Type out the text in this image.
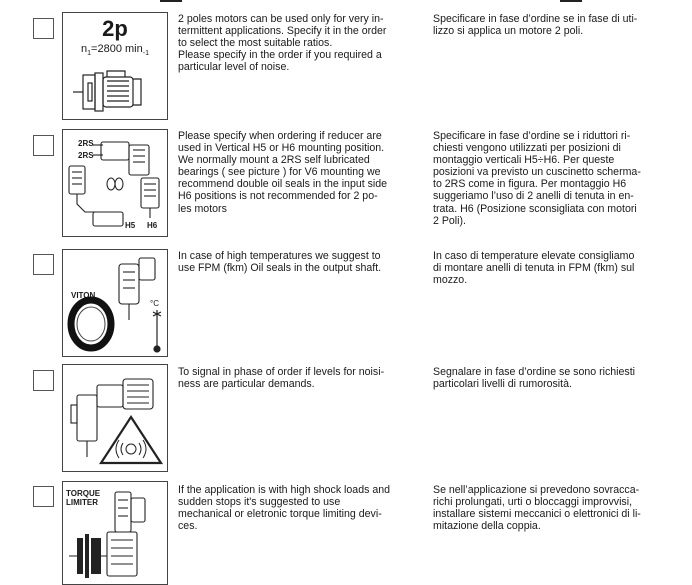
2p
$n_1=2800$ $\min_{-1}$
2 poles motors can be used only for very in-
termittent applications. Specify it in the order
to select the most suitable ratios.
Please specify in the order if you required a
particular level of noise.
Specificare in fase d’ordine se in fase di uti-
lizzo si applica un motore 2 poli.
2RS
2RS
H5 H6
Please specify when ordering if reducer are
used in Vertical H5 or H6 mounting position.
We normally mount a 2RS self lubricated
bearings ( see picture ) for V6 mounting we
recommend double oil seals in the input side
H6 positions is not recommended for 2 po-
les motors
Specificare in fase d’ordine se i riduttori ri-
chiesti vengono utilizzati per posizioni di
montaggio verticali H5÷H6. Per queste
posizioni va previsto un cuscinetto scherma-
to 2RS come in figura. Per montaggio H6
suggeriamo l’uso di 2 anelli di tenuta in en-
trata. H6 (Posizione sconsigliata con motori
2 Poli).
VITON
°C
In case of high temperatures we suggest to
use FPM (fkm) Oil seals in the output shaft.
In caso di temperature elevate consigliamo
di montare anelli di tenuta in FPM (fkm) sul
mozzo.
To signal in phase of order if levels for noisi-
ness are particular demands.
Segnalare in fase d’ordine se sono richiesti
particolari livelli di rumorosità.
TORQUE
LIMITER
If the application is with high shock loads and
sudden stops it's suggested to use
mechanical or eletronic torque limiting devi-
ces.
Se nell’applicazione si prevedono sovracca-
richi prolungati, urti o bloccaggi improvvisi,
installare sistemi meccanici o elettronici di li-
mitazione della coppia.
